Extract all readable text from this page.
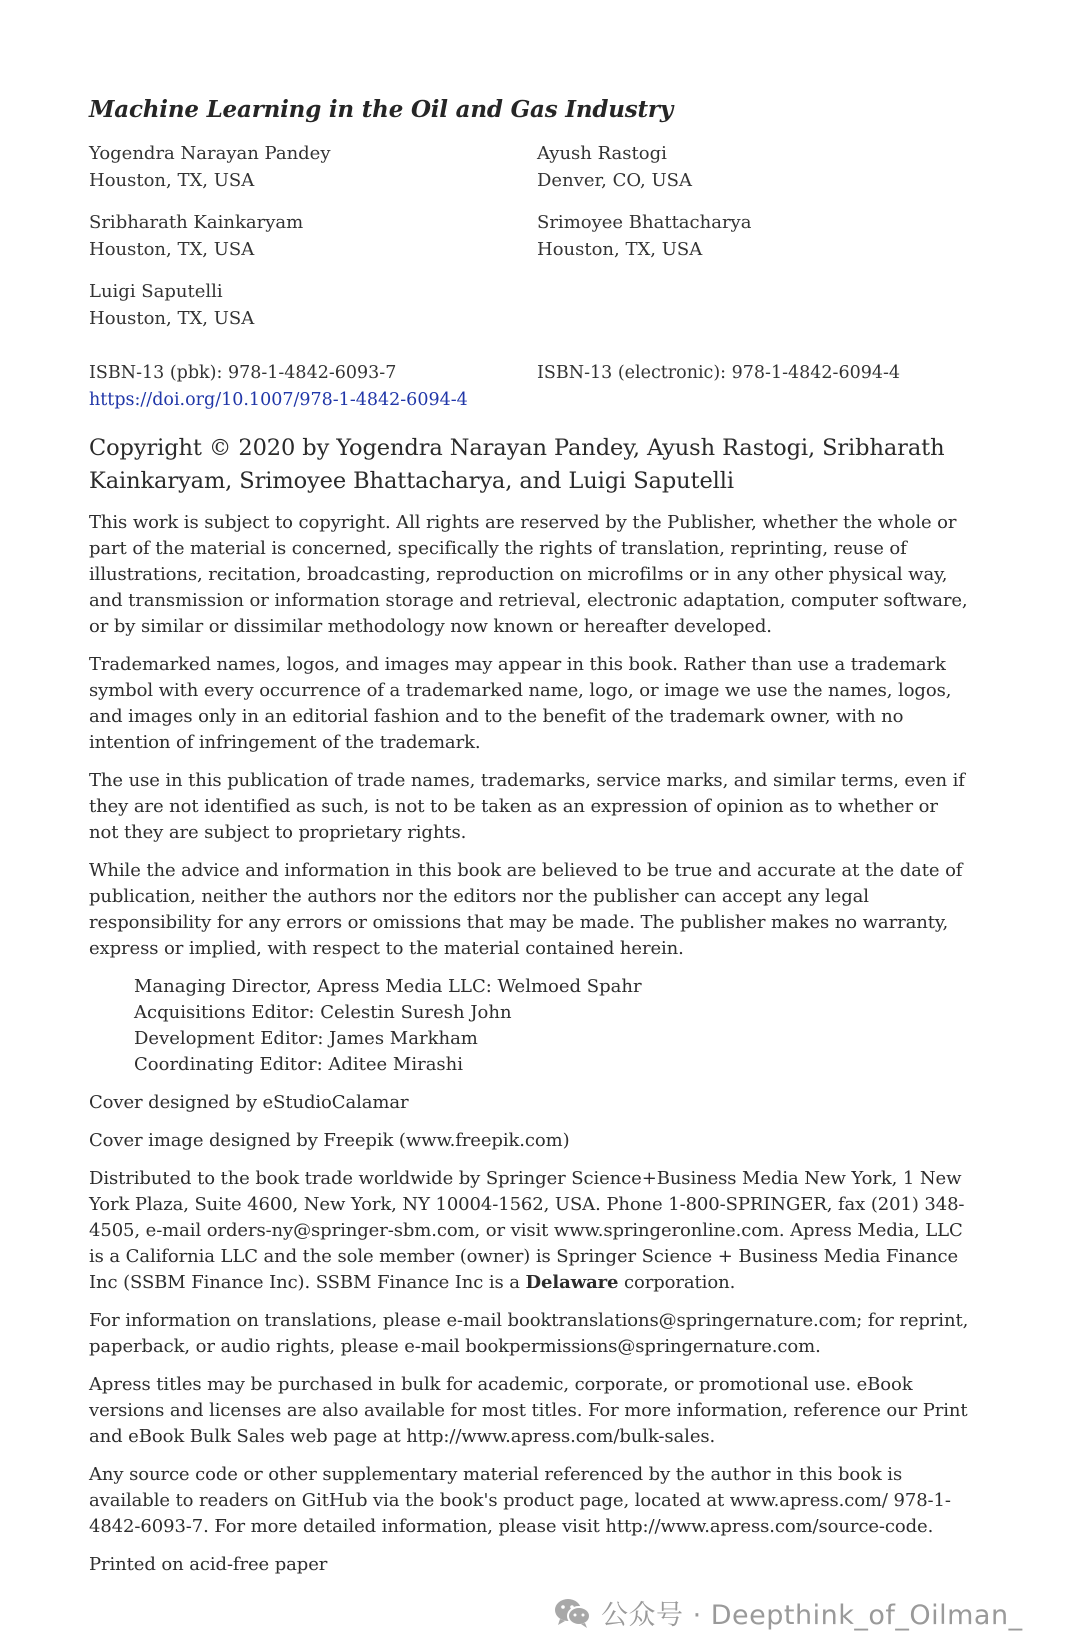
Machine Learning in the Oil and Gas Industry
Yogendra Narayan Pandey
Houston, TX, USA
Ayush Rastogi
Denver, CO, USA
Sribharath Kainkaryam
Houston, TX, USA
Srimoyee Bhattacharya
Houston, TX, USA
Luigi Saputelli
Houston, TX, USA
ISBN-13 (pbk): 978-1-4842-6093-7
https://doi.org/10.1007/978-1-4842-6094-4
ISBN-13 (electronic): 978-1-4842-6094-4
Copyright © 2020 by Yogendra Narayan Pandey, Ayush Rastogi, Sribharath Kainkaryam, Srimoyee Bhattacharya, and Luigi Saputelli

This work is subject to copyright. All rights are reserved by the Publisher, whether the whole or part of the material is concerned, specifically the rights of translation, reprinting, reuse of illustrations, recitation, broadcasting, reproduction on microfilms or in any other physical way, and transmission or information storage and retrieval, electronic adaptation, computer software, or by similar or dissimilar methodology now known or hereafter developed.

Trademarked names, logos, and images may appear in this book. Rather than use a trademark symbol with every occurrence of a trademarked name, logo, or image we use the names, logos, and images only in an editorial fashion and to the benefit of the trademark owner, with no intention of infringement of the trademark.

The use in this publication of trade names, trademarks, service marks, and similar terms, even if they are not identified as such, is not to be taken as an expression of opinion as to whether or not they are subject to proprietary rights.

While the advice and information in this book are believed to be true and accurate at the date of publication, neither the authors nor the editors nor the publisher can accept any legal responsibility for any errors or omissions that may be made. The publisher makes no warranty, express or implied, with respect to the material contained herein.

Managing Director, Apress Media LLC: Welmoed Spahr
Acquisitions Editor: Celestin Suresh John
Development Editor: James Markham
Coordinating Editor: Aditee Mirashi

Cover designed by eStudioCalamar

Cover image designed by Freepik (www.freepik.com)

Distributed to the book trade worldwide by Springer Science+Business Media New York, 1 New York Plaza, Suite 4600, New York, NY 10004-1562, USA. Phone 1-800-SPRINGER, fax (201) 348-4505, e-mail orders-ny@springer-sbm.com, or visit www.springeronline.com. Apress Media, LLC is a California LLC and the sole member (owner) is Springer Science + Business Media Finance Inc (SSBM Finance Inc). SSBM Finance Inc is a Delaware corporation.

For information on translations, please e-mail booktranslations@springernature.com; for reprint, paperback, or audio rights, please e-mail bookpermissions@springernature.com.

Apress titles may be purchased in bulk for academic, corporate, or promotional use. eBook versions and licenses are also available for most titles. For more information, reference our Print and eBook Bulk Sales web page at http://www.apress.com/bulk-sales.

Any source code or other supplementary material referenced by the author in this book is available to readers on GitHub via the book's product page, located at www.apress.com/ 978-1-4842-6093-7. For more detailed information, please visit http://www.apress.com/source-code.

Printed on acid-free paper

公众号 · Deepthink_of_Oilman_
